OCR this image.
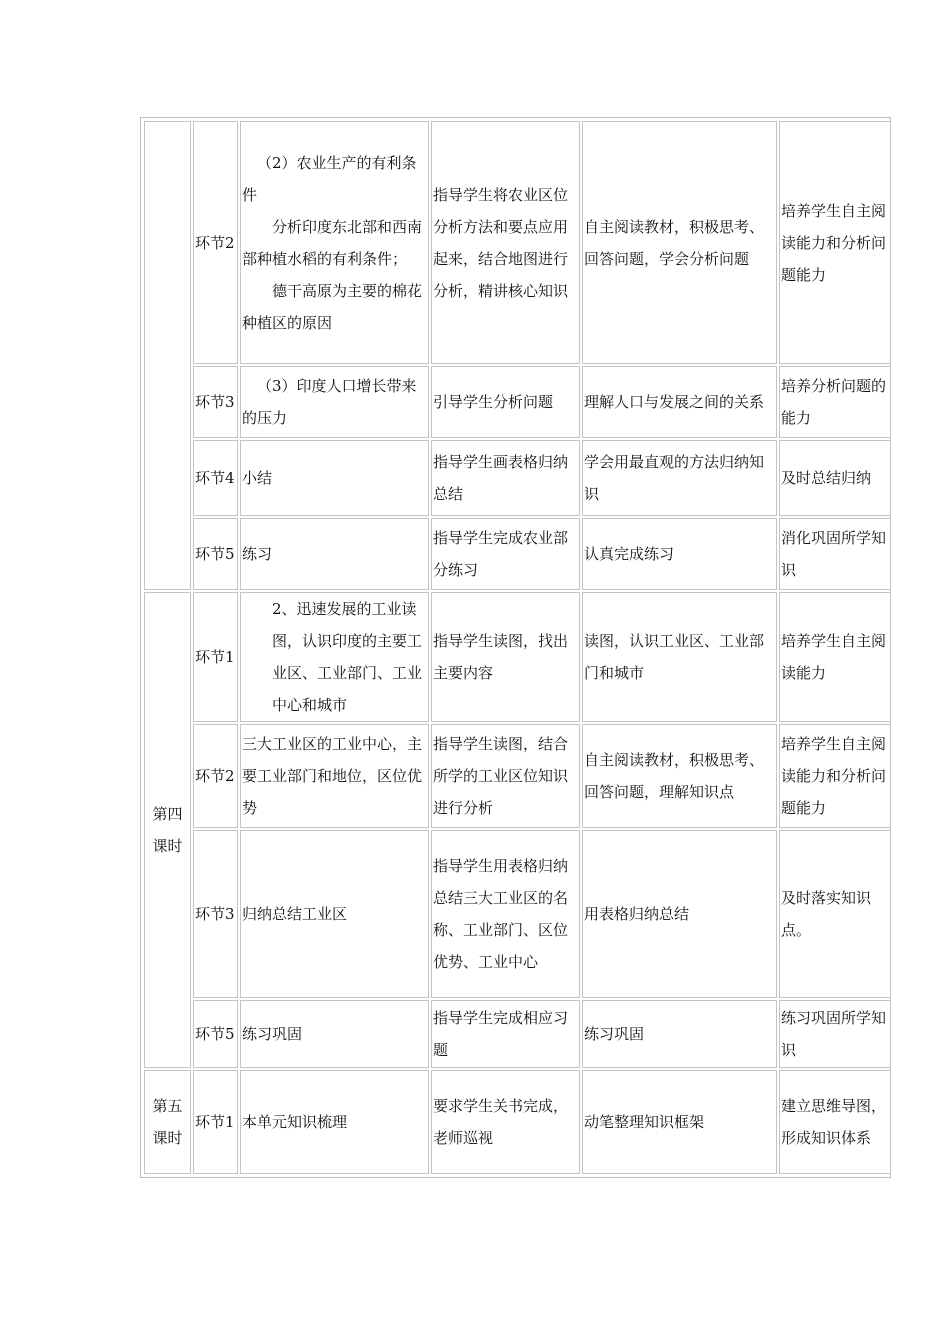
	环节2	（2）农业生产的有利条件
分析印度东北部和西南部种植水稻的有利条件；
德干高原为主要的棉花种植区的原因	指导学生将农业区位分析方法和要点应用起来，结合地图进行分析，精讲核心知识	自主阅读教材，积极思考、回答问题，学会分析问题	培养学生自主阅读能力和分析问题能力
	环节3	（3）印度人口增长带来的压力	引导学生分析问题	理解人口与发展之间的关系	培养分析问题的能力
	环节4	小结	指导学生画表格归纳总结	学会用最直观的方法归纳知识	及时总结归纳
	环节5	练习	指导学生完成农业部分练习	认真完成练习	消化巩固所学知识
第四课时	环节1	2、迅速发展的工业读图，认识印度的主要工业区、工业部门、工业中心和城市	指导学生读图，找出主要内容	读图，认识工业区、工业部门和城市	培养学生自主阅读能力
	环节2	三大工业区的工业中心，主要工业部门和地位，区位优势	指导学生读图，结合所学的工业区位知识进行分析	自主阅读教材，积极思考、回答问题，理解知识点	培养学生自主阅读能力和分析问题能力
	环节3	归纳总结工业区	指导学生用表格归纳总结三大工业区的名称、工业部门、区位优势、工业中心	用表格归纳总结	及时落实知识点。
	环节5	练习巩固	指导学生完成相应习题	练习巩固	练习巩固所学知识
第五课时	环节1	本单元知识梳理	要求学生关书完成，老师巡视	动笔整理知识框架	建立思维导图，形成知识体系
